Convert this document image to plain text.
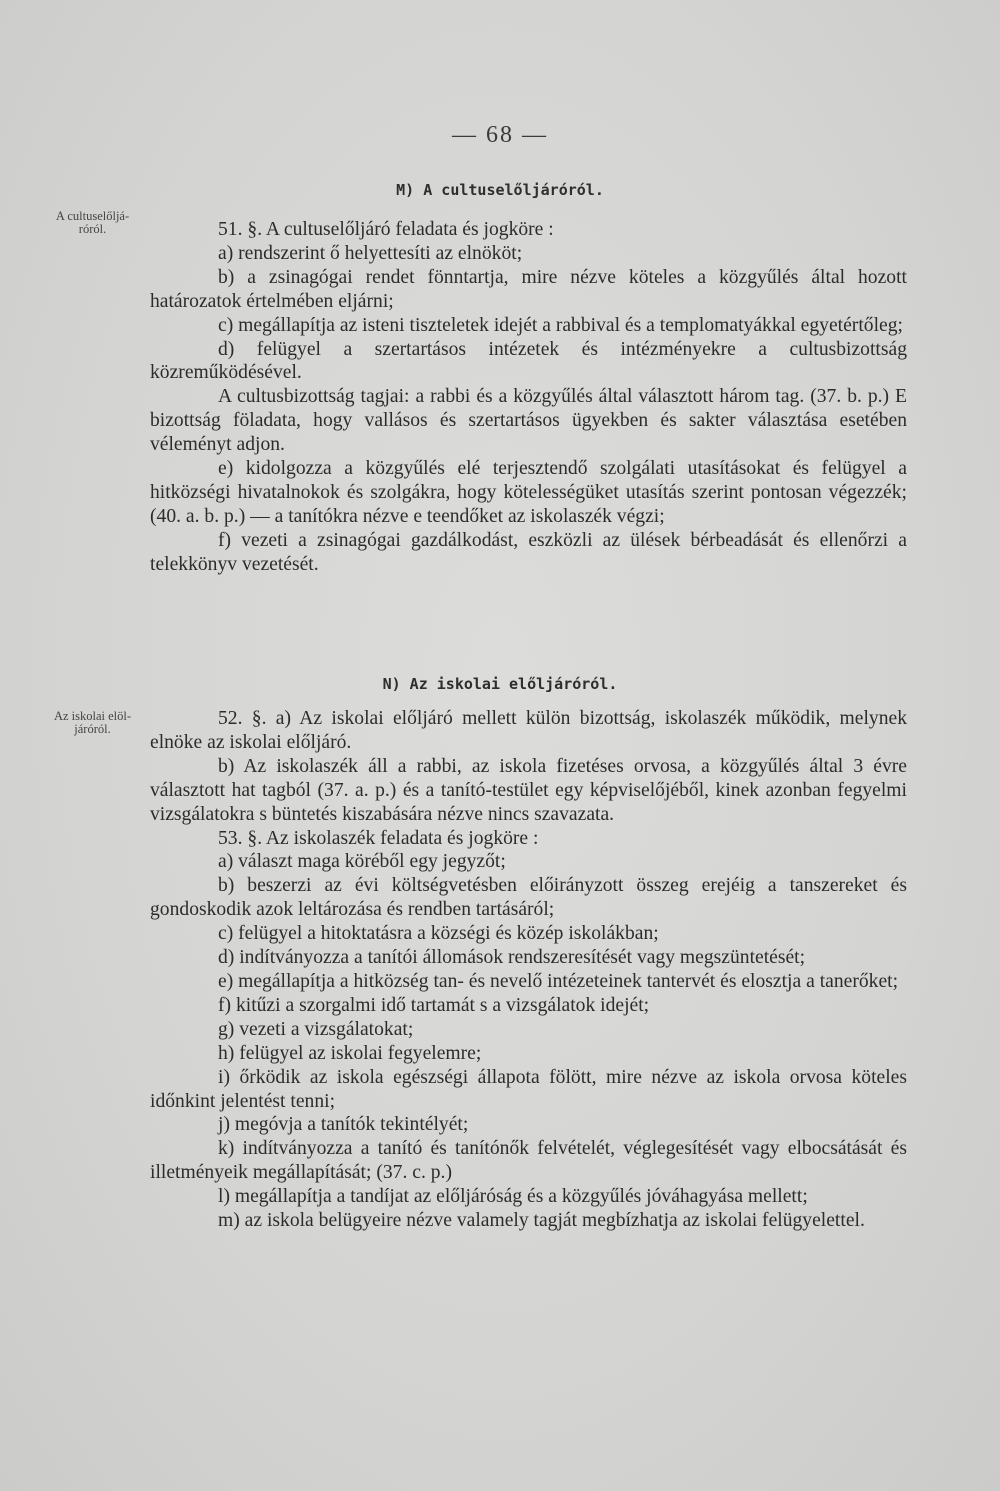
— 68 —
M) A cultuselőljáróról.
A cultuselőljá-
róról.	51. §. A cultuselőljáró feladata és jogköre :

a) rendszerint ő helyettesíti az elnököt;

b) a zsinagógai rendet fönntartja, mire nézve köteles a közgyűlés által hozott határozatok értelmében eljárni;

c) megállapítja az isteni tiszteletek idejét a rabbival és a templomatyákkal egyetértőleg;

d) felügyel a szertartásos intézetek és intézményekre a cultusbizottság közreműködésével.

A cultusbizottság tagjai: a rabbi és a közgyűlés által választott három tag. (37. b. p.) E bizottság föladata, hogy vallásos és szertartásos ügyekben és sakter választása esetében véleményt adjon.

e) kidolgozza a közgyűlés elé terjesztendő szolgálati utasításokat és felügyel a hitközségi hivatalnokok és szolgákra, hogy kötelességüket utasítás szerint pontosan végezzék; (40. a. b. p.) — a tanítókra nézve e teendőket az iskolaszék végzi;

f) vezeti a zsinagógai gazdálkodást, eszközli az ülések bérbeadását és ellenőrzi a telekkönyv vezetését.

N) Az iskolai előljáróról.
Az iskolai elöl-
járóról.	52. §. a) Az iskolai előljáró mellett külön bizottság, iskolaszék működik, melynek elnöke az iskolai előljáró.

b) Az iskolaszék áll a rabbi, az iskola fizetéses orvosa, a közgyűlés által 3 évre választott hat tagból (37. a. p.) és a tanító-testület egy képviselőjéből, kinek azonban fegyelmi vizsgálatokra s büntetés kiszabására nézve nincs szavazata.

53. §. Az iskolaszék feladata és jogköre :

a) választ maga köréből egy jegyzőt;

b) beszerzi az évi költségvetésben előirányzott összeg erejéig a tanszereket és gondoskodik azok leltározása és rendben tartásáról;

c) felügyel a hitoktatásra a községi és közép iskolákban;

d) indítványozza a tanítói állomások rendszeresítését vagy megszüntetését;

e) megállapítja a hitközség tan- és nevelő intézeteinek tantervét és elosztja a tanerőket;

f) kitűzi a szorgalmi idő tartamát s a vizsgálatok idejét;

g) vezeti a vizsgálatokat;

h) felügyel az iskolai fegyelemre;

i) őrködik az iskola egészségi állapota fölött, mire nézve az iskola orvosa köteles időnkint jelentést tenni;

j) megóvja a tanítók tekintélyét;

k) indítványozza a tanító és tanítónők felvételét, véglegesítését vagy elbocsátását és illetményeik megállapítását; (37. c. p.)

l) megállapítja a tandíjat az előljáróság és a közgyűlés jóváhagyása mellett;

m) az iskola belügyeire nézve valamely tagját megbízhatja az iskolai felügyelettel.
